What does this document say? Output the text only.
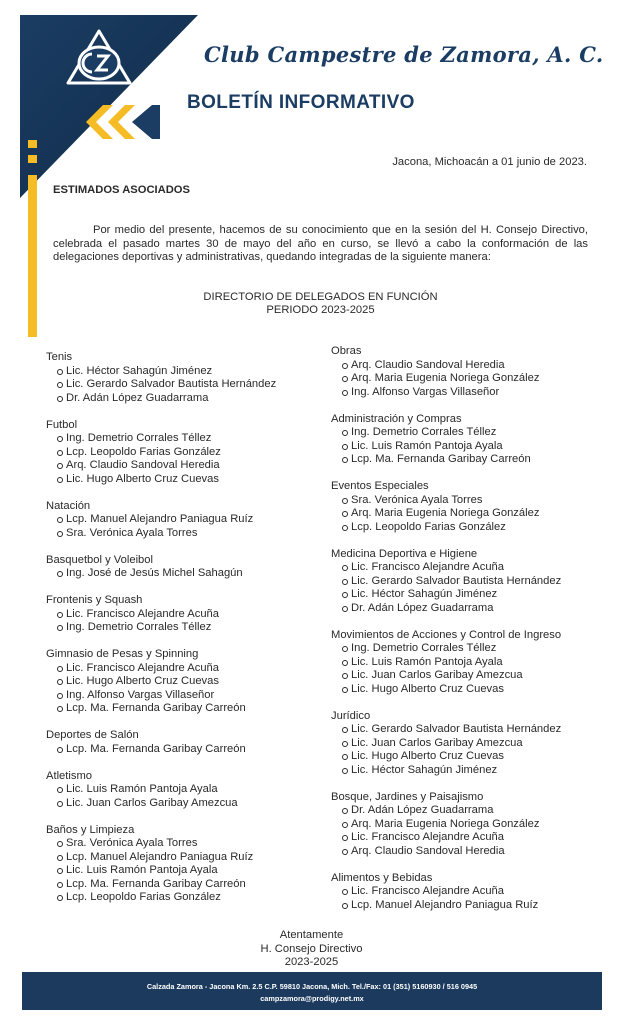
Club Campestre de Zamora, A. C.
BOLETÍN INFORMATIVO
Jacona, Michoacán a 01 junio de 2023.
ESTIMADOS ASOCIADOS
Por medio del presente, hacemos de su conocimiento que en la sesión del H. Consejo Directivo, celebrada el pasado martes 30 de mayo del año en curso, se llevó a cabo la conformación de las delegaciones deportivas y administrativas, quedando integradas de la siguiente manera:
DIRECTORIO DE DELEGADOS EN FUNCIÓN
PERIODO 2023-2025
Tenis
Lic. Héctor Sahagún Jiménez
Lic. Gerardo Salvador Bautista Hernández
Dr. Adán López Guadarrama
Futbol
Ing. Demetrio Corrales Téllez
Lcp. Leopoldo Farias González
Arq. Claudio Sandoval Heredia
Lic. Hugo Alberto Cruz Cuevas
Natación
Lcp. Manuel Alejandro Paniagua Ruíz
Sra. Verónica Ayala Torres
Basquetbol y Voleibol
Ing. José de Jesús Michel Sahagún
Frontenis y Squash
Lic. Francisco Alejandre Acuña
Ing. Demetrio Corrales Téllez
Gimnasio de Pesas y Spinning
Lic. Francisco Alejandre Acuña
Lic. Hugo Alberto Cruz Cuevas
Ing. Alfonso Vargas Villaseñor
Lcp. Ma. Fernanda Garibay Carreón
Deportes de Salón
Lcp. Ma. Fernanda Garibay Carreón
Atletismo
Lic. Luis Ramón Pantoja Ayala
Lic. Juan Carlos Garibay Amezcua
Baños y Limpieza
Sra. Verónica Ayala Torres
Lcp. Manuel Alejandro Paniagua Ruíz
Lic. Luis Ramón Pantoja Ayala
Lcp. Ma. Fernanda Garibay Carreón
Lcp. Leopoldo Farias González
Obras
Arq. Claudio Sandoval Heredia
Arq. Maria Eugenia Noriega González
Ing. Alfonso Vargas Villaseñor
Administración y Compras
Ing. Demetrio Corrales Téllez
Lic. Luis Ramón Pantoja Ayala
Lcp. Ma. Fernanda Garibay Carreón
Eventos Especiales
Sra. Verónica Ayala Torres
Arq. Maria Eugenia Noriega González
Lcp. Leopoldo Farias González
Medicina Deportiva e Higiene
Lic. Francisco Alejandre Acuña
Lic. Gerardo Salvador Bautista Hernández
Lic. Héctor Sahagún Jiménez
Dr. Adán López Guadarrama
Movimientos de Acciones y Control de Ingreso
Ing. Demetrio Corrales Téllez
Lic. Luis Ramón Pantoja Ayala
Lic. Juan Carlos Garibay Amezcua
Lic. Hugo Alberto Cruz Cuevas
Jurídico
Lic. Gerardo Salvador Bautista Hernández
Lic. Juan Carlos Garibay Amezcua
Lic. Hugo Alberto Cruz Cuevas
Lic. Héctor Sahagún Jiménez
Bosque, Jardines y Paisajismo
Dr. Adán López Guadarrama
Arq. Maria Eugenia Noriega González
Lic. Francisco Alejandre Acuña
Arq. Claudio Sandoval Heredia
Alimentos y Bebidas
Lic. Francisco Alejandre Acuña
Lcp. Manuel Alejandro Paniagua Ruíz
Atentamente
H. Consejo Directivo
2023-2025
Calzada Zamora - Jacona Km. 2.5 C.P. 59810 Jacona, Mich. Tel./Fax: 01 (351) 5160930 / 516 0945
campzamora@prodigy.net.mx
